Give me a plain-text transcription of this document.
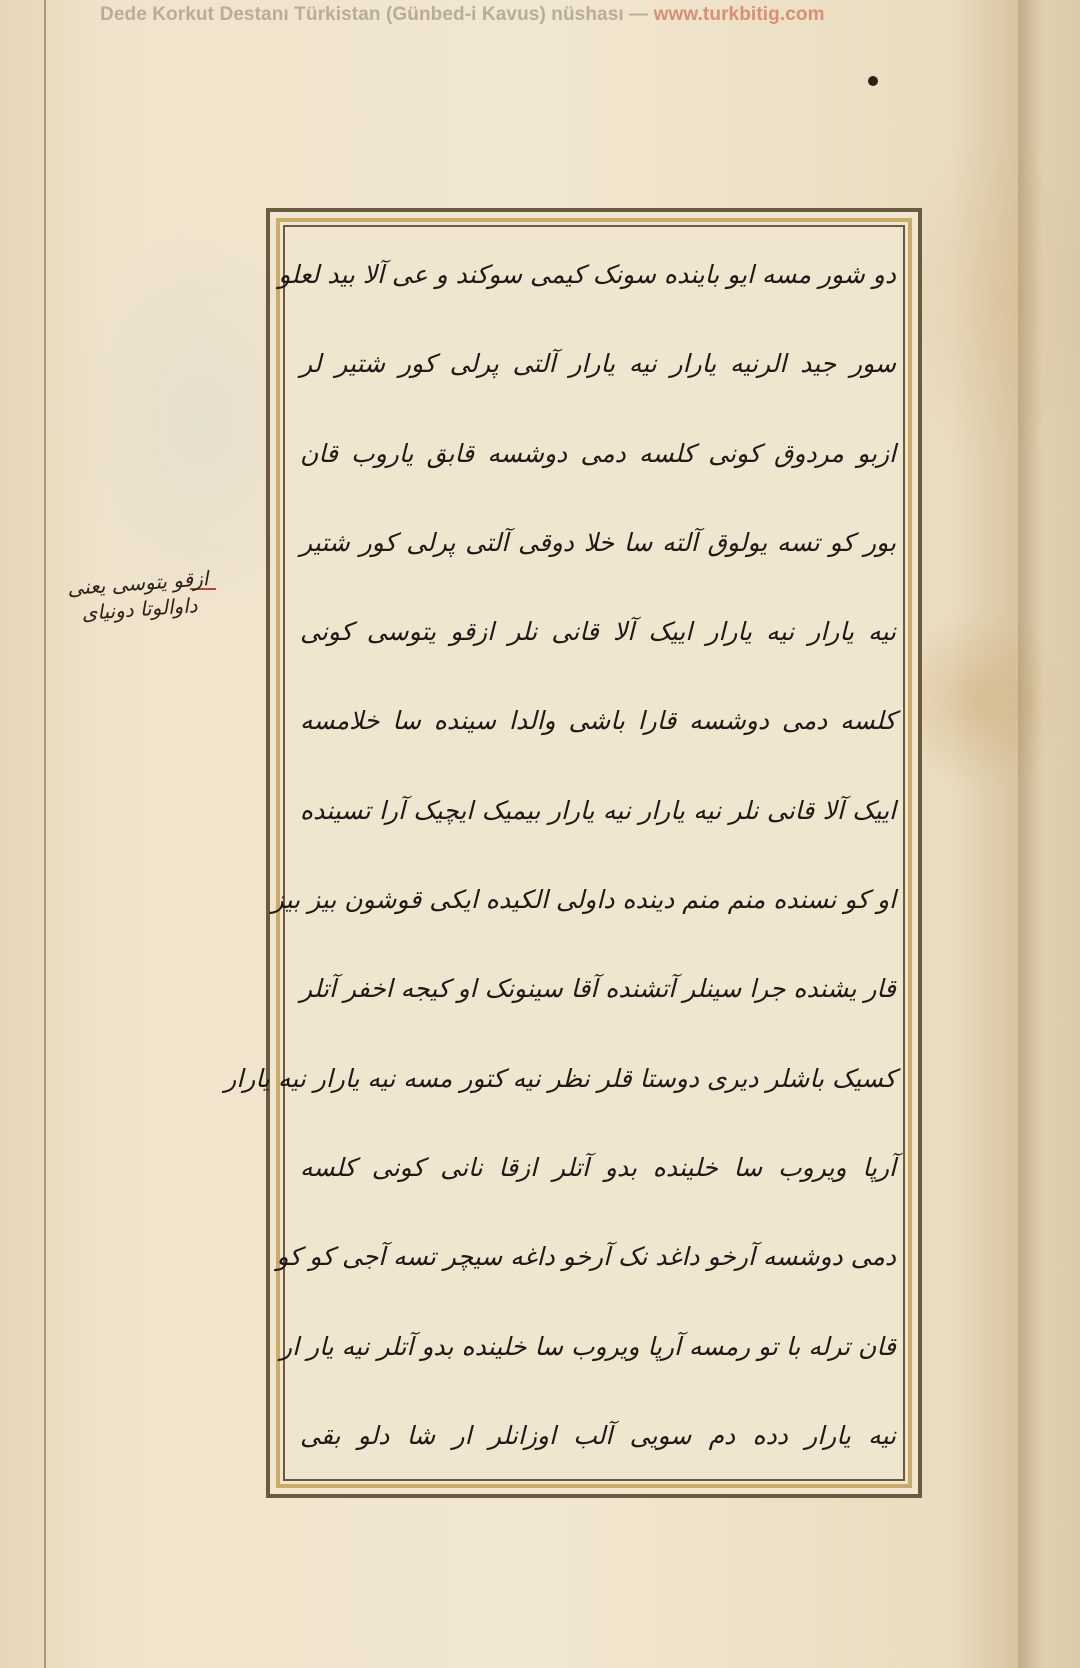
Dede Korkut Destanı Türkistan (Günbed-i Kavus) nüshası — www.turkbitig.com
ازقو یتوسی یعنی داوالوتا دونیای
دو شور مسه ایو باینده سونک کیمی سوکند و عی آلا بید لعلو
سور جید الرنیه یارار نیه یارار آلتی پرلی کور شتیر لر
ازبو مردوق کونی کلسه دمی دوشسه قابق یاروب قان
بور کو تسه یولوق آلته سا خلا دوقی آلتی پرلی کور شتیر
نیه یارار نیه یارار اییک آلا قانی نلر ازقو یتوسی کونی
کلسه دمی دوشسه قارا باشی والدا سینده سا خلامسه
اییک آلا قانی نلر نیه یارار نیه یارار بیمیک ایچیک آرا تسینده
او کو نسنده منم منم دینده داولی الکیده ایکی قوشون بیز بیز
قار یشنده جرا سینلر آتشنده آقا سینونک او کیجه اخفر آتلر
کسیک باشلر دیری دوستا قلر نظر نیه کتور مسه نیه یارار نیه یارار
آرپا ویروب سا خلینده بدو آتلر ازقا نانی کونی کلسه
دمی دوشسه آرخو داغد نک آرخو داغه سیچر تسه آجی کو کو
قان ترله با تو رمسه آرپا ویروب سا خلینده بدو آتلر نیه یار ار
نیه یارار دده دم سویی آلب اوزانلر ار شا دلو بقی
